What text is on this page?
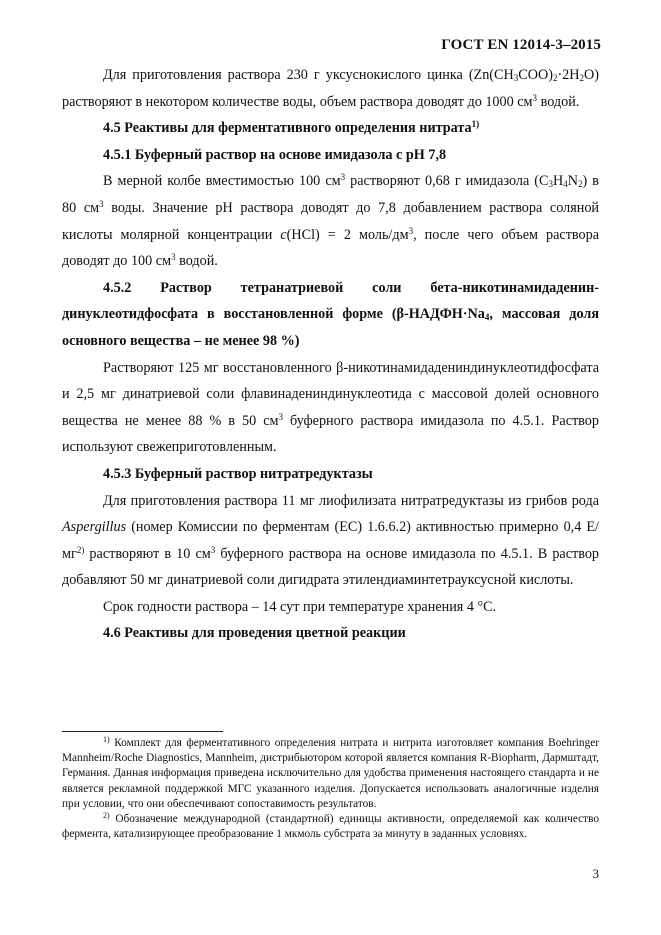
ГОСТ EN 12014-3–2015

Для приготовления раствора 230 г уксуснокислого цинка $(Zn(CH_3COO)_2\cdot 2H_2O)$ растворяют в некотором количестве воды, объем раствора доводят до 1000 $см^3$ водой.

4.5 Реактивы для ферментативного определения нитрата$^{1)}$

4.5.1 Буферный раствор на основе имидазола с рН 7,8

В мерной колбе вместимостью 100 $см^3$ растворяют 0,68 г имидазола $(C_3H_4N_2)$ в 80 $см^3$ воды. Значение рН раствора доводят до 7,8 добавлением раствора соляной кислоты молярной концентрации c(HCl) = 2 моль/$дм^3$, после чего объем раствора доводят до 100 $см^3$ водой.

4.5.2 Раствор тетранатриевой соли бета-никотинамидадениндинуклеотидфосфата в восстановленной форме ($\beta-НАДФН\cdot Na_4$, массовая доля основного вещества – не менее 98 %)

Растворяют 125 мг восстановленного β-никотинамидадениндинуклеотидфосфата и 2,5 мг динатриевой соли флавинадениндинуклеотида с массовой долей основного вещества не менее 88 % в 50 $см^3$ буферного раствора имидазола по 4.5.1. Раствор используют свежеприготовленным.

4.5.3 Буферный раствор нитратредуктазы

Для приготовления раствора 11 мг лиофилизата нитратредуктазы из грибов рода Aspergillus (номер Комиссии по ферментам (EC) 1.6.6.2) активностью примерно 0,4 $E/мг^{2)}$ растворяют в 10 $см^3$ буферного раствора на основе имидазола по 4.5.1. В раствор добавляют 50 мг динатриевой соли дигидрата этилендиаминтетрауксусной кислоты.

Срок годности раствора – 14 сут при температуре хранения 4 °C.

4.6 Реактивы для проведения цветной реакции

$^{1)}$ Комплект для ферментативного определения нитрата и нитрита изготовляет компания Boehringer Mannheim/Roche Diagnostics, Mannheim, дистрибьютором которой является компания R-Biopharm, Дармштадт, Германия. Данная информация приведена исключительно для удобства применения настоящего стандарта и не является рекламной поддержкой МГС указанного изделия. Допускается использовать аналогичные изделия при условии, что они обеспечивают сопоставимость результатов.

$^{2)}$ Обозначение международной (стандартной) единицы активности, определяемой как количество фермента, катализирующее преобразование 1 мкмоль субстрата за минуту в заданных условиях.

3
